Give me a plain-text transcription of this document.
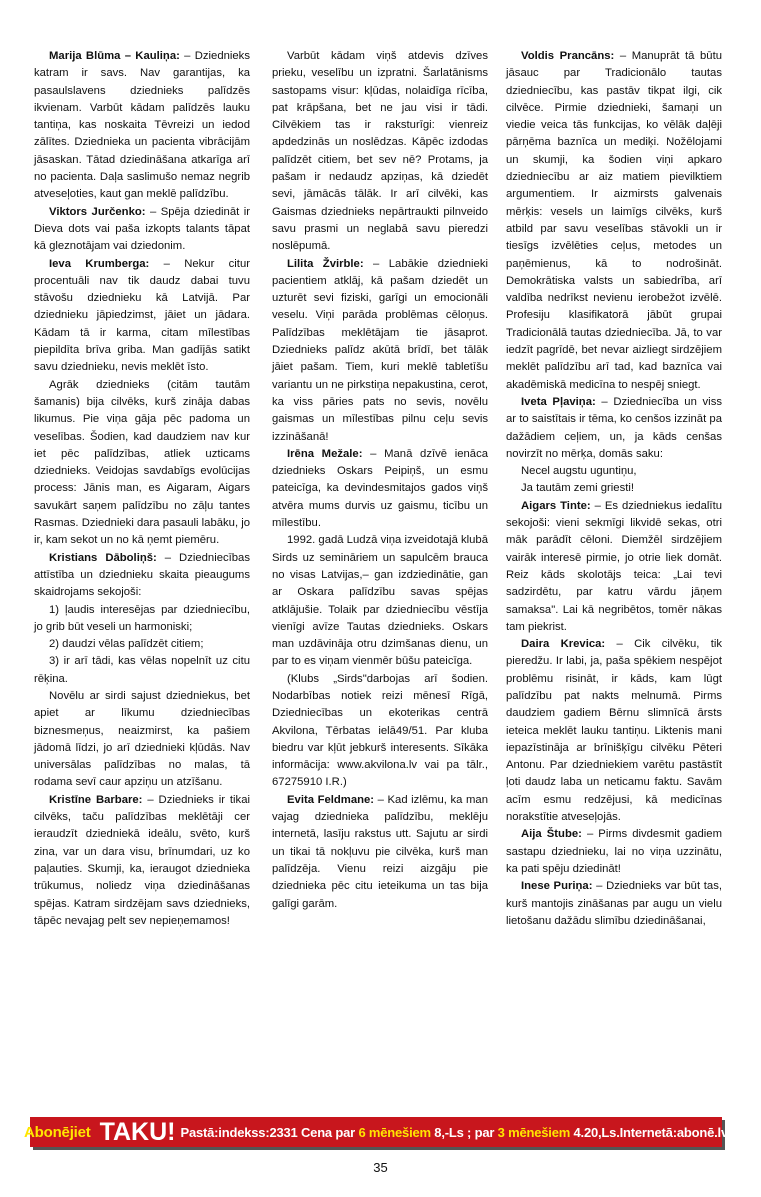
Marija Blūma – Kauliņa: – Dziednieks katram ir savs. Nav garantijas, ka pasaulslavens dziednieks palīdzēs ikvienam. Varbūt kādam palīdzēs lauku tantiņa, kas noskaita Tēvreizi un iedod zālītes. Dziednieka un pacienta vibrācijām jāsaskan. Tātad dziedināšana atkarīga arī no pacienta. Daļa saslimušo nemaz negrib atveseļoties, kaut gan meklē palīdzību.

Viktors Jurčenko: – Spēja dziedināt ir Dieva dots vai paša izkopts talants tāpat kā gleznotājam vai dziedonim.

Ieva Krumberga: – Nekur citur procentuāli nav tik daudz dabai tuvu stāvošu dziednieku kā Latvijā. Par dziednieku jāpiedzimst, jāiet un jādara. Kādam tā ir karma, citam mīlestības piepildīta brīva griba. Man gadījās satikt savu dziednieku, nevis meklēt īsto.

Agrāk dziednieks (citām tautām šamanis) bija cilvēks, kurš zināja dabas likumus. Pie viņa gāja pēc padoma un veselības. Šodien, kad daudziem nav kur iet pēc palīdzības, atliek uzticams dziednieks. Veidojas savdabīgs evolūcijas process: Jānis man, es Aigaram, Aigars savukārt saņem palīdzību no zāļu tantes Rasmas. Dziednieki dara pasauli labāku, jo ir, kam sekot un no kā ņemt piemēru.

Kristians Dāboliņš: – Dziedniecības attīstība un dziednieku skaita pieaugums skaidrojams sekojoši:

1) ļaudis interesējas par dziedniecību, jo grib būt veseli un harmoniski;

2) daudzi vēlas palīdzēt citiem;

3) ir arī tādi, kas vēlas nopelnīt uz citu rēķina.

Novēlu ar sirdi sajust dziedniekus, bet apiet ar līkumu dziedniecības biznesmeņus, neaizmirst, ka pašiem jādomā līdzi, jo arī dziednieki kļūdās. Nav universālas palīdzības no malas, tā rodama sevī caur apziņu un atzīšanu.

Kristīne Barbare: – Dziednieks ir tikai cilvēks, taču palīdzības meklētāji cer ieraudzīt dziedniekā ideālu, svēto, kurš zina, var un dara visu, brīnumdari, uz ko paļauties. Skumji, ka, ieraugot dziednieka trūkumus, noliedz viņa dziedināšanas spējas. Katram sirdzējam savs dziednieks, tāpēc nevajag pelt sev nepieņemamos!

Varbūt kādam viņš atdevis dzīves prieku, veselību un izpratni. Šarlatānisms sastopams visur: kļūdas, nolaidīga rīcība, pat krāpšana, bet ne jau visi ir tādi. Cilvēkiem tas ir raksturīgi: vienreiz apdedzinās un noslēdzas. Kāpēc izdodas palīdzēt citiem, bet sev nē? Protams, ja pašam ir nedaudz apziņas, kā dziedēt sevi, jāmācās tālāk. Ir arī cilvēki, kas Gaismas dziednieks nepārtraukti pilnveido savu prasmi un neglabā savu pieredzi noslēpumā.

Lilita Žvirble: – Labākie dziednieki pacientiem atklāj, kā pašam dziedēt un uzturēt sevi fiziski, garīgi un emocionāli veselu. Viņi parāda problēmas cēloņus. Palīdzības meklētājam tie jāsaprot. Dziednieks palīdz akūtā brīdī, bet tālāk jāiet pašam. Tiem, kuri meklē tabletīšu variantu un ne pirkstiņa nepakustina, cerot, ka viss pāries pats no sevis, novēlu gaismas un mīlestības pilnu ceļu sevis izzināšanā!

Irēna Mežale: – Manā dzīvē ienāca dziednieks Oskars Peipiņš, un esmu pateicīga, ka devindesmitajos gados viņš atvēra mums durvis uz gaismu, ticību un mīlestību.

1992. gadā Ludzā viņa izveidotajā klubā Sirds uz semināriem un sapulcēm brauca no visas Latvijas,– gan izdziedinātie, gan ar Oskara palīdzību savas spējas atklājušie. Tolaik par dziedniecību vēstīja vienīgi avīze Tautas dziednieks. Oskars man uzdāvināja otru dzimšanas dienu, un par to es viņam vienmēr būšu pateicīga.

(Klubs „Sirds"darbojas arī šodien. Nodarbības notiek reizi mēnesī Rīgā, Dziedniecības un ekoterikas centrā Akvilona, Tērbatas ielā49/51. Par kluba biedru var kļūt jebkurš interesents. Sīkāka informācija: www.akvilona.lv vai pa tālr., 67275910 I.R.)

Evita Feldmane: – Kad izlēmu, ka man vajag dziednieka palīdzību, meklēju internetā, lasīju rakstus utt. Sajutu ar sirdi un tikai tā nokļuvu pie cilvēka, kurš man palīdzēja. Vienu reizi aizgāju pie dziednieka pēc citu ieteikuma un tas bija galīgi garām.

Voldis Prancāns: – Manuprāt tā būtu jāsauc par Tradicionālo tautas dziedniecību, kas pastāv tikpat ilgi, cik cilvēce. Pirmie dziednieki, šamaņi un viedie veica tās funkcijas, ko vēlāk daļēji pārņēma baznīca un mediķi. Nožēlojami un skumji, ka šodien viņi apkaro dziedniecību ar aiz matiem pievilktiem argumentiem. Ir aizmirsts galvenais mērķis: vesels un laimīgs cilvēks, kurš atbild par savu veselības stāvokli un ir tiesīgs izvēlēties ceļus, metodes un paņēmienus, kā to nodrošināt. Demokrātiska valsts un sabiedrība, arī valdība nedrīkst nevienu ierobežot izvēlē. Profesiju klasifikatorā jābūt grupai Tradicionālā tautas dziedniecība. Jā, to var iedzīt pagrīdē, bet nevar aizliegt sirdzējiem meklēt palīdzību arī tad, kad baznīca vai akadēmiskā medicīna to nespēj sniegt.

Iveta Pļaviņa: – Dziedniecība un viss ar to saistītais ir tēma, ko cenšos izzināt pa dažādiem ceļiem, un, ja kāds cenšas novirzīt no mērķa, domās saku:

Necel augstu uguntiņu,

Ja tautām zemi griesti!

Aigars Tinte: – Es dziedniekus iedalītu sekojoši: vieni sekmīgi likvidē sekas, otri māk parādīt cēloni. Diemžēl sirdzējiem vairāk interesē pirmie, jo otrie liek domāt. Reiz kāds skolotājs teica: „Lai tevi sadzirdētu, par katru vārdu jāņem samaksa". Lai kā negribētos, tomēr nākas tam piekrist.

Daira Krevica: – Cik cilvēku, tik pieredžu. Ir labi, ja, paša spēkiem nespējot problēmu risināt, ir kāds, kam lūgt palīdzību pat nakts melnumā. Pirms daudziem gadiem Bērnu slimnīcā ārsts ieteica meklēt lauku tantiņu. Liktenis mani iepazīstināja ar brīnišķīgu cilvēku Pēteri Antonu. Par dziedniekiem varētu pastāstīt ļoti daudz laba un neticamu faktu. Savām acīm esmu redzējusi, kā medicīnas norakstītie atveseļojās.

Aija Štube: – Pirms divdesmit gadiem sastapu dziednieku, lai no viņa uzzinātu, ka pati spēju dziedināt!

Inese Puriņa: – Dziednieks var būt tas, kurš mantojis zināšanas par augu un vielu lietošanu dažādu slimību dziedināšanai,

Abonējiet TAKU! Pastā:indekss:2331 Cena par
6 mēnešiem
8,-Ls ; par
3 mēnešiem
4.20,Ls.Internetā:abonē.lv
35
